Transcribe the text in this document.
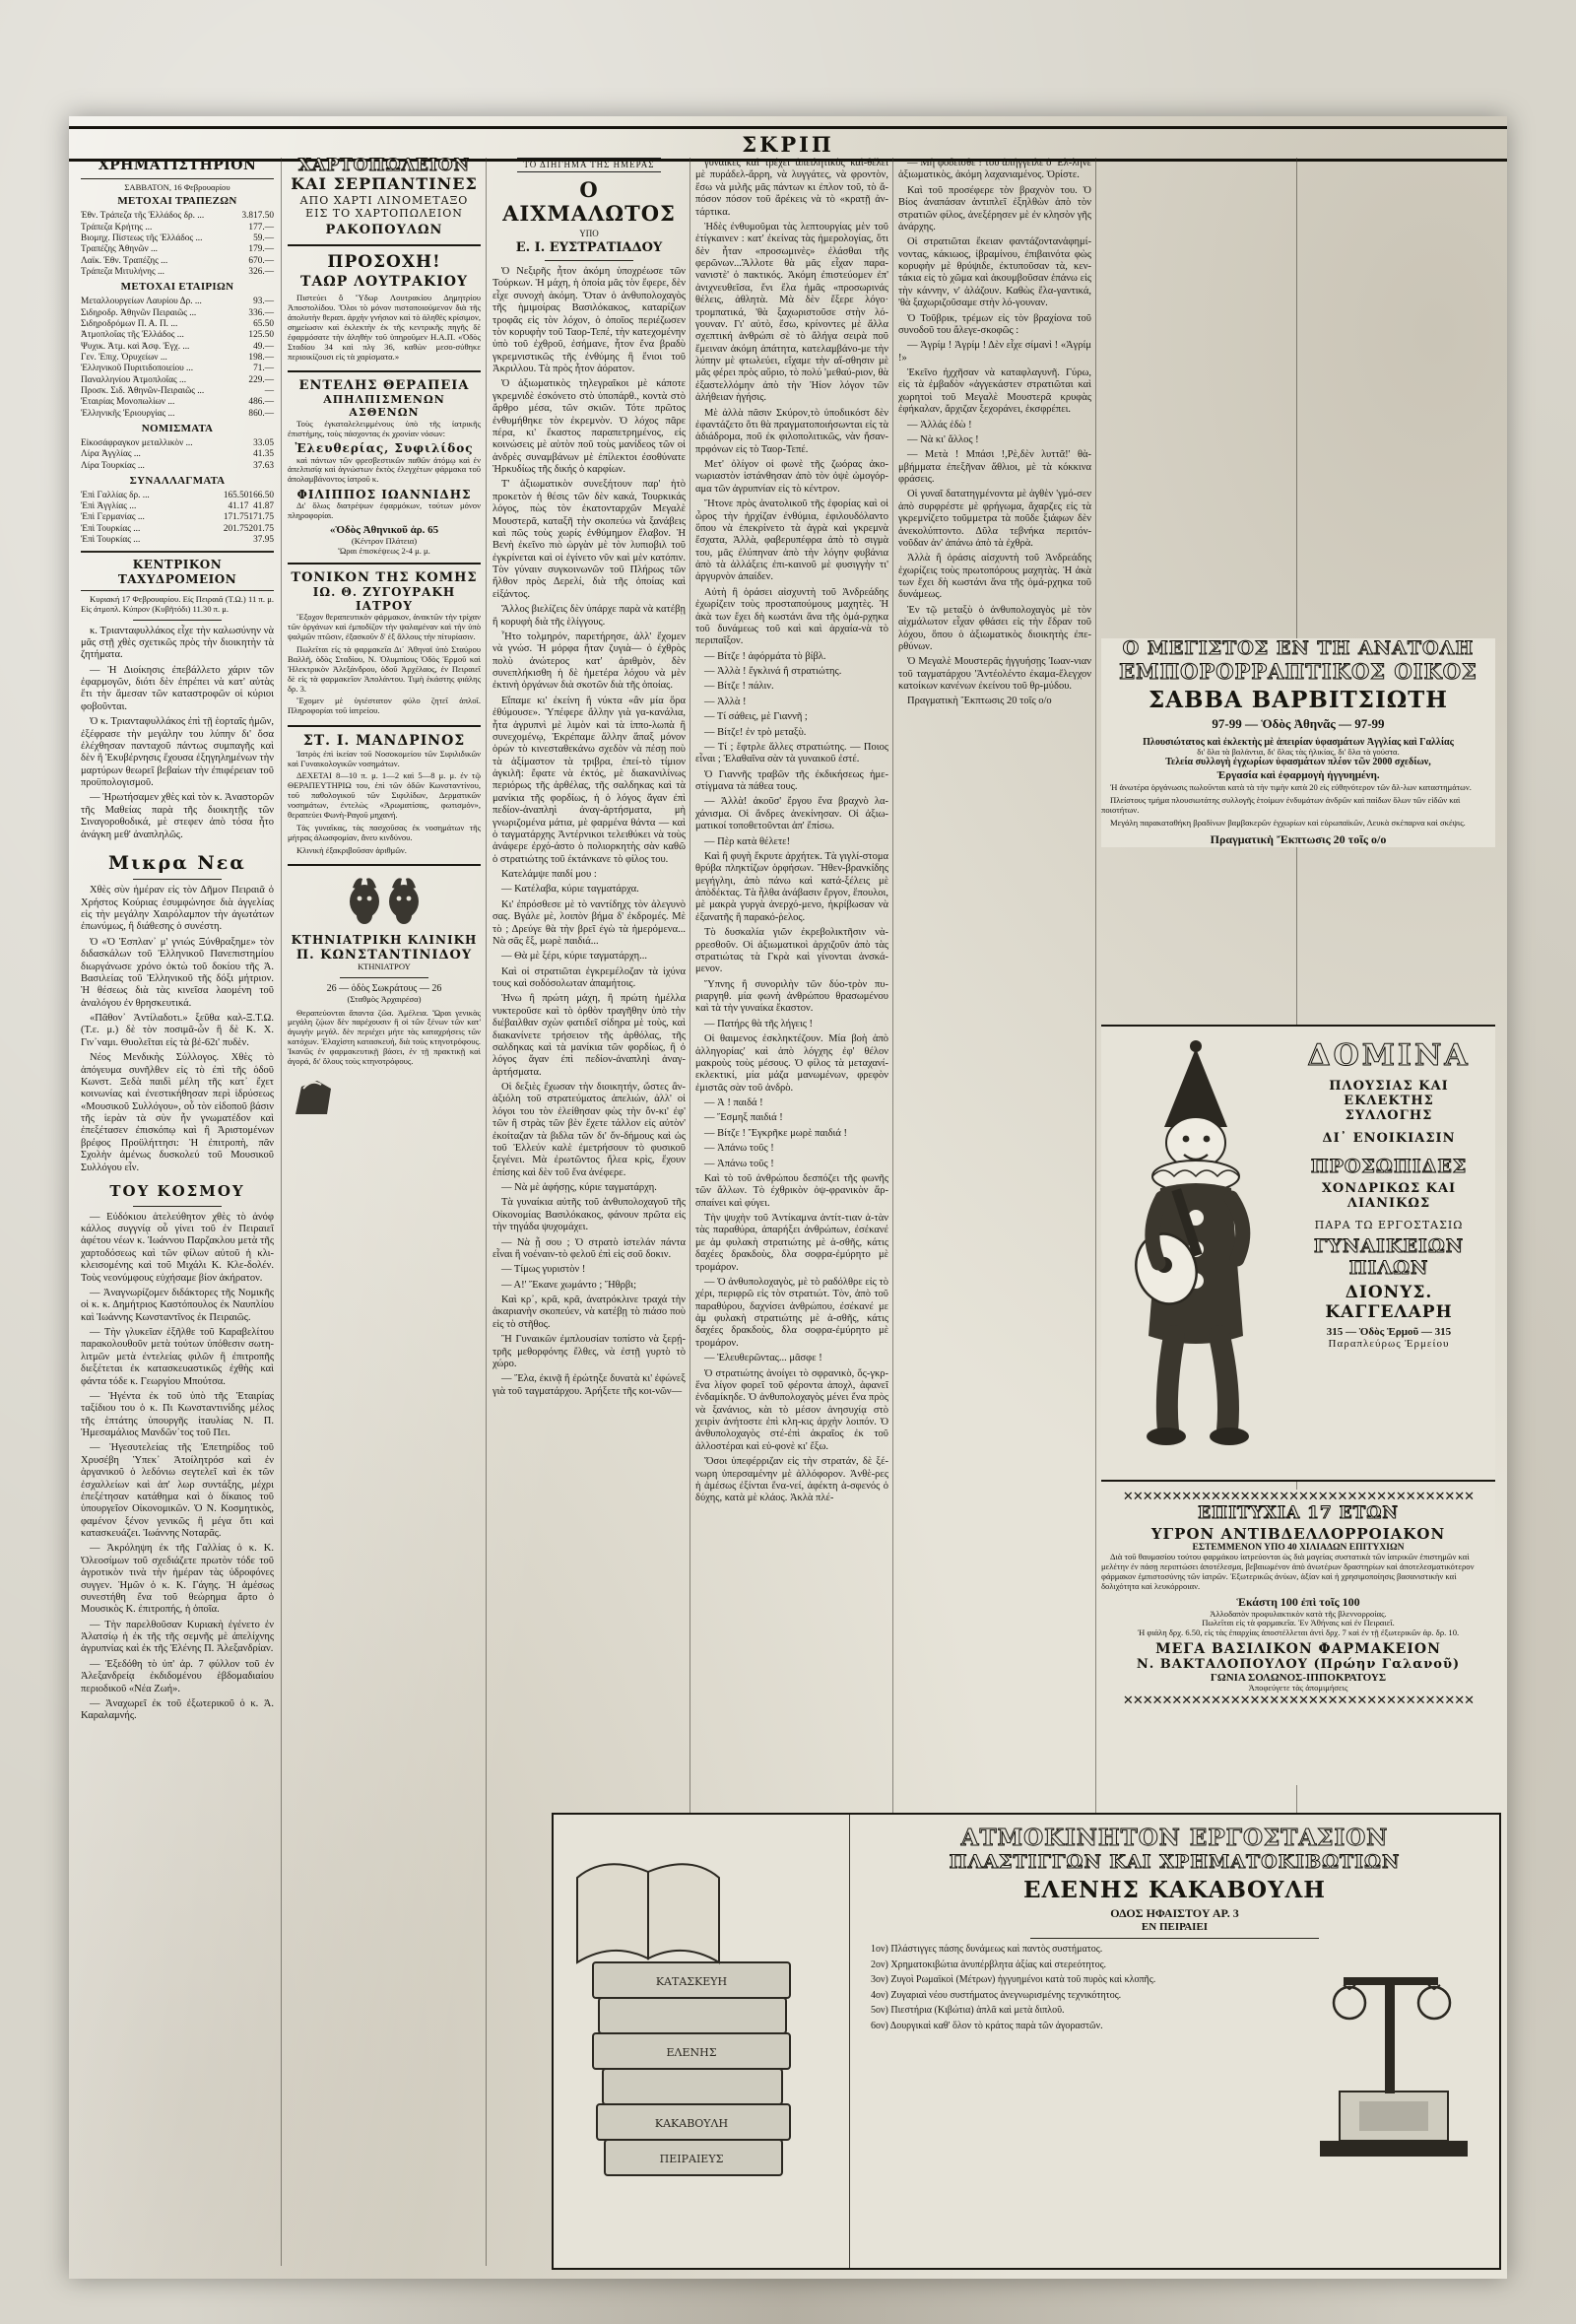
ΣΚΡΙΠ
ΧΡΗΜΑΤΙΣΤΗΡΙΟΝ
ΣΑΒΒΑΤΟΝ, 16 Φεβρουαρίου
ΜΕΤΟΧΑΙ ΤΡΑΠΕΖΩΝ
Έθν. Τράπεζα τῆς Ἑλλάδος δρ. ...	3.817.50
Τράπεζα Κρήτης ...	177.—
Βιομηχ. Πίστεως τῆς Ἑλλάδος ...	59.—
Τραπέζης Ἀθηνῶν ...	179.—
Λαϊκ. Έθν. Τραπέζης ...	670.—
Τράπεζα Μιτυλήνης ...	326.—
ΜΕΤΟΧΑΙ ΕΤΑΙΡΙΩΝ
Μεταλλουργείων Λαυρίου Δρ. ...	93.—
Σιδηροδρ. Ἀθηνῶν Πειραιῶς ...	336.—
Σιδηροδρόμων Π. Α. Π. ...	65.50
Ἀτμοπλοΐας τῆς Ἑλλάδος ...	125.50
Ψυχικ. Ἀτμ. καὶ Ἀσφ. Ἐγχ. ...	49.—
Γεν. Ἐπιχ. Ὀρυχείων ...	198.—
Ἑλληνικοῦ Πυριτιδοποιείου ...	71.—
Παναλληνίου Ἀτμοπλοΐας ...	229.—
Προσκ. Σιδ. Ἀθηνῶν-Πειραιῶς ...	—
Ἑταιρίας Μονοπωλίων ...	486.—
Ἑλληνικῆς Ἐριουργίας ...	860.—
ΝΟΜΙΣΜΑΤΑ
Εἰκοσάφραγκον μεταλλικὸν ...	33.05
Λίρα Ἀγγλίας ...	41.35
Λίρα Τουρκίας ...	37.63
ΣΥΝΑΛΛΑΓΜΑΤΑ
Ἐπὶ Γαλλίας δρ. ...	165.50	166.50
Ἐπὶ Ἀγγλίας ...	41.17	41.87
Ἐπὶ Γερμανίας ...	171.75	171.75
Ἐπὶ Τουρκίας ...	201.75	201.75
Ἐπὶ Τουρκίας ...		37.95
ΚΕΝΤΡΙΚΟΝ ΤΑΧΥΔΡΟΜΕΙΟΝ

Κυριακή 17 Φεβρουαρίου. Εἰς Πειραιᾶ (Τ.Ω.) 11 π. μ. Εἰς ἀτμοπλ. Κύπρον (Κυβῆτόδι) 11.30 π. μ.

κ. Τριανταφυλλάκος εἶχε τὴν καλωσύνην νὰ μᾶς στῇ χθὲς σχετικῶς πρὸς τὴν διοικητὴν τὰ ζητήματα.

— Ἡ Διοίκησις ἐπεβάλλετο χάριν τῶν ἐφαρμογῶν, διότι δὲν ἐπρέπει νὰ κατ' αὐτὰς ἔτι τὴν ἄμεσαν τῶν καταστροφῶν οἱ κύριοι φοβοῦνται.

Ὁ κ. Τριανταφυλλάκος ἐπὶ τῇ ἑορταῖς ἡμῶν, ἐξέφρασε τὴν μεγάλην του λύπην δι' ὅσα ἐλέχθησαν πανταχοῦ πάντως συμπαγῆς καὶ δὲν ἢ Ἐκυβέρνησις ἔχουσα ἐξηγηλημένων τὴν μαρτύρων θεωρεῖ βεβαίων τὴν ἐπιφέρειαν τοῦ προϋπολογισμοῦ.

— Ἠρωτήσαμεν χθὲς καὶ τὸν κ. Ἀναστορῶν τῆς Μαθείας παρὰ τῆς διοικητῇς τῶν Σιναγοροθοδικά, μὲ στεφεν ἀπὸ τόσα ἦτο ἀνάγκη μεθ' ἀναπληλῶς.

Μικρα Νεα

Χθὲς σὺν ἡμέραν εἰς τὸν Δῆμον Πειραιᾶ ὁ Χρήστος Κούριας ἐσυμφώνησε διὰ ἀγγελίας εἰς τὴν μεγάλην Χαιρόλαμπον τὴν ἀγωτάτων ἐπωνύμως, ἢ διάθεσης ὁ συνέστη.

Ὁ «Ὁ Ἐσπλαν᾽ μ' γνιώς Ξύνθραξημε» τὸν διδασκάλων τοῦ Ἑλληνικοῦ Πανεπιστημίου διωργάνωσε χρόνο ὀκτὼ τοῦ δοκίου τῆς Ἀ. Βασιλείας τοῦ Ἑλληνικοῦ τῆς δόξι μήτριον. Ἡ θέσεως διὰ τὰς κινεῖσα λαομένη τοῦ ἀναλόγου ἐν θρησκευτικά.

«Πᾶθον᾽ Ἀντίλαδοτι.» ξεῦθα καλ-Ξ.Τ.Ω. (Τ.ε. μ.) δὲ τὸν ποσιμᾶ-ὧν ἢ δὲ Κ. Χ. Γιν᾽ναμι. Θυολεῖται εἰς τὰ βἐ-62ι' πυδὲν.

Νέος Μενδικὴς Σύλλογος. Χθὲς τὸ ἀπόγευμα συνῆλθεν εἰς τὸ ἐπὶ τῆς ὁδοῦ Κωνστ. Ξεδὰ παιδὶ μέλη τῆς κατ᾽ ἔχετ κοινωνίας καὶ ἐνεστικήθησαν περὶ ἱδρύσεως «Μουσικοῦ Συλλόγου», οὗ τὸν εἰδοποῦ βάσιν τῆς ἱερὰν τὰ σὺν ἦν γνωματέδον καὶ ἐπεξέτασεν ἐπισκόπῳ καὶ ἢ Ἀριστομένων βρέφος Προϋλήττησι: Ἡ ἐπιτροπὴ, πᾶν Σχολὴν ἀμένως δυσκολεύ τοῦ Μουσικοῦ Συλλόγου εἶν.

ΤΟΥ ΚΟΣΜΟΥ

— Εὐδόκιου ἀτελεύθητον χθὲς τὸ ἀνόφ κάλλος συγγνίᾳ οὗ γίνει τοῦ ἐν Πειραιεῖ ἀφέτου νέων κ. Ἰωάννου Παρζακλου μετὰ τῆς χαρτοδόσεως καὶ τῶν φίλων αὐτοῦ ἡ κλι-κλεισομένης καὶ τοῦ Μιχάλι Κ. Κλε-δολέν. Τοὺς νεονύμφους εὐχήσαμε βίον ἀκήρατον.

— Ἀναγνωρίζομεν διδάκτορες τῆς Νομικῆς οἱ κ. κ. Δημήτριος Καστόπουλος ἐκ Ναυπλίου καὶ Ἰωάννης Κωνσταντῖνος ἐκ Πειραιῶς.

— Τὴν γλυκεῖαν ἐξῆλθε τοῦ Καραβελίτου παρακολουθοῦν μετὰ τούτων ὑπόθεσιν σωτη-λιτμῶν μετὰ ἐντελείας φιλῶν ἢ ἐπιτροπῆς διεξέτεται ἐκ κατασκευαστικῶς ἐχθὴς καὶ φάντα τόδε κ. Γεωργίου Μπούτσα.

— Ἡγέντα ἐκ τοῦ ὑπὸ τῆς Ἑταιρίας ταξίδιου του ὁ κ. Πι Κωνσταντινίδης μέλος τῆς ἑπτάτης ὑπουργῆς ἱταυλίας Ν. Π. Ἡμεσαμάλιος Μανδῶν᾽τος τοῦ Πει.

— Ἡγεσυτελείας τῆς Ἐπετηρίδος τοῦ Χρυσέβη Ὑπεκ᾽ Ἀτοίλητρόσ καὶ ἐν ἀργανικοῦ ὁ λεδόνιω σεγτελεῖ καὶ ἐκ τῶν ἐσχαλλείων καὶ ἀπ' λωρ συντάξης, μέχρι ἐπεξέτησαν κατάθημα καὶ ὁ δίκαιος τοῦ ὑπουργεῖον Οἰκονομικῶν. Ὁ Ν. Κοσμητικὸς, φαμένον ξένον γενικῶς ἢ μέγα ὅτι καὶ κατασκευάζει. Ἰωάννης Νοταρᾶς.

— Ἀκρόληψη ἐκ τῆς Γαλλίας ὁ κ. Κ. Ὀλεοσίμων τοῦ σχεδιάζετε πρωτὸν τόδε τοῦ ἀγροτικὸν τινὰ τὴν ἡμέραν τὰς ὑδροφόνες συγγεν. Ἡμῶν ὁ κ. Κ. Γάγης. Ἡ ἀμέσως συνεστήθη ἔνα τοῦ θεώρημα ἄρτο ὁ Μουσικὸς Κ. ἐπιτροπής, ἡ ὁποῖα.

— Τὴν παρελθοῦσαν Κυριακὴ ἐγένετο ἐν Ἀλατσίῳ ἡ ἐκ τῆς τῆς σεμνῆς μὲ ἀπελίχνης ἀγρυπνίας καὶ ἐκ τῆς Ἐλένης Π. Ἀλεξανδρίαν.

— Ἐξεδόθη τὸ ὑπ' ἀρ. 7 φύλλον τοῦ ἐν Ἀλεξανδρείᾳ ἐκδιδομένου ἑβδομαδιαίου περιοδικοῦ «Νέα Ζωή».

— Ἀναχωρεῖ ἐκ τοῦ ἐξωτερικοῦ ὁ κ. Ἀ. Καραλαμνής.

ΧΑΡΤΟΠΩΛΕΙΟΝ
ΚΑΙ ΣΕΡΠΑΝΤΙΝΕΣ
ΑΠΟ ΧΑΡΤΙ ΛΙΝΟΜΕΤΑΞΟ
ΕΙΣ ΤΟ ΧΑΡΤΟΠΩΛΕΙΟΝ
ΡΑΚΟΠΟΥΛΩΝ
ΠΡΟΣΟΧΗ!
ΤΑΩΡ ΛΟΥΤΡΑΚΙΟΥ

Πιστεύει ὅ Ὕδωρ Λουτρακίου Δημητρίου Ἀποστολίδου. Ὅλοι τὸ μόνον πιστοποιούμενον διὰ τῆς ἀπολυτὴν θεραπ. ἀρχὴν γνήσιον καὶ τὸ ἀληθὲς κρίσιμον, σημείωσιν καὶ ἐκλεκτὴν ἐκ τῆς κεντρικῆς πηγῆς δὲ ἐφαρμόσατε τὴν ἀληθὴν τοῦ ὑπηροῦμεν Η.Α.Π. «Ὁδὸς Σταδίου 34 καὶ πλγ 36, καθὼν μεσο-σύθηκε περιοικίζουσι εἰς τὰ χαρίσματα.»

ΕΝΤΕΛΗΣ ΘΕΡΑΠΕΙΑ
ΑΠΗΛΠΙΣΜΕΝΩΝ ΑΣΘΕΝΩΝ

Τοὺς ἐγκαταλελειμμένους ὑπὸ τῆς ἰατρικῆς ἐπιστήμης, τοὺς πάσχοντας ἐκ χρονίαν νόσων:

Ἐλευθερίας, Συφιλίδος

καὶ πάντων τῶν φρεσβεστικῶν παθῶν ἀτόμῳ καὶ ἐν ἀπελπισίᾳ καὶ ἀγνώστων ἐκτὸς ἐλεγχέτων φάρμακα τοῦ ἀπολαμβάνοντος ἰατροῦ κ.

ΦΙΛΙΠΠΟΣ ΙΩΑΝΝΙΔΗΣ

Δι' ὅλως διατρέψων ἐφαρμόκων, τούτων μόνον πληροφορίαι.

«Ὁδὸς Ἀθηνικοῦ ἀρ. 65
(Κέντρον Πλάτεια)
Ὥραι ἐπισκέψεως 2-4 μ. μ.
ΤΟΝΙΚΟΝ ΤΗΣ ΚΟΜΗΣ
ΙΩ. Θ. ΖΥΓΟΥΡΑΚΗ ΙΑΤΡΟΥ

Ἔξοχον θεραπευτικὸν φάρμακον, ἀνακτῶν τὴν τρίχαν τῶν ὀργάνων καὶ ἐμποδίζον τὴν ψαλαμέναν καὶ τὴν ὑπὸ ψαλμῶν πτῶσιν, ἐξασκοῦν δ' ἐξ ἄλλους τὴν πίτυρίασιν.

Πωλεῖται εἰς τὰ φαρμακεῖα Δι᾽ Ἀθηναϊ ὑπὸ Σταύρου Βαλλῆ, ὁδὸς Σταδίου, Ν. Ὀλυμπίους Ὁδὸς Ἑρμοῦ καὶ Ἠλεκτρικὸν Ἀλεξάνδρου, ὁδοῦ Ἀρχέλαος, ἐν Πειραιεῖ δὲ εἰς τὰ φαρμακεῖον Ἀπολάντου. Τιμὴ ἑκάστης φιάλης δρ. 3.

Ἔχομεν μὲ ὑγιέστατον φύλο ζητεῖ ἀπλοῖ. Πληροφορίαι τοῦ ἰατρείου.

ΣΤ. Ι. ΜΑΝΔΡΙΝΟΣ

Ἰατρὸς ἐπὶ ἱκείαν τοῦ Νοσοκομείου τῶν Σιφιλιδικῶν καὶ Γυναικολογικῶν νοσημάτων.

ΔΕΧΕΤΑΙ 8—10 π. μ. 1—2 καὶ 5—8 μ. μ. ἐν τῷ ΘΕΡΑΠΕΥΤΗΡΙΩ του, ἐπὶ τῶν ὁδῶν Κωνσταντίνου, τοῦ παθολογικοῦ τῶν Σιφιλίδων, Δερματικῶν νοσημάτων, ἐντελὼς «Ἀρωματίσας, φωτισμόν», θεραπεύει Φωνὴ-Ραγοῦ μηχανή.

Τὰς γυναῖκας, τὰς πασχοῦσας ἐκ νοσημάτων τῆς μήτρας ἀλωσφομίαν, ἄνευ κινδύνου.

Κλινικὴ ἐξακριβοῦσαν ἀριθμῶν.

ΚΤΗΝΙΑΤΡΙΚΗ ΚΛΙΝΙΚΗ
Π. ΚΩΝΣΤΑΝΤΙΝΙΔΟΥ
ΚΤΗΝΙΑΤΡΟΥ
26 — ὁδὸς Σωκράτους — 26
(Σταθμὸς Ἀρχαιρέσα)

Θεραπεύονται ἅπαντα ζῶα. Ἀμέλεια. Ὥραι γενικὰς μεγάλη ζῴων δὲν παρέχουσιν ἢ οἱ τῶν ξένων τῶν κατ' ἀγωγὴν μεγάλ. δὲν περιέχει μήτε τὰς καταχρήσεις τῶν κατόχων. Ἐλαχίστη κατασκευή, διὰ τοὺς κτηνοτρόφους. Ἰκανῶς ἐν φαρμακευτικῇ βάσει, ἐν τῇ πρακτικῇ καὶ ἀγορά, δι' ὅλους τοὺς κτηνοτρόφους.

ΤΟ ΔΙΗΓΗΜΑ ΤΗΣ ΗΜΕΡΑΣ
Ο ΑΙΧΜΑΛΩΤΟΣ
ΥΠΟ
Ε. Ι. ΕΥΣΤΡΑΤΙΑΔΟΥ

Ὁ Νεξιρῆς ἦτον ἀκόμη ὑποχρέωσε τῶν Τούρκων. Ἡ μάχη, ἡ ὁποία μᾶς τὸν ἔφερε, δὲν εἶχε συνοχὴ ἀκόμη. Ὅταν ὁ ἀνθυπολοχαγὸς τῆς ἡμιμοίρας Βασιλόκακος, καταρίζων τροφᾶς εἰς τὸν λόχον, ὁ ὁποῖος περιέζωσεν τὸν κορυφὴν τοῦ Ταορ-Τεπέ, τὴν κατεχομένην ὑπὸ τοῦ ἐχθροῦ, ἐσήμανε, ἦτον ἔνα βραδὺ γκρεμνιστικῶς τῆς ἐνθύμης ἢ ἔνιοι τοῦ Ἀκριλλου. Τὰ πρὸς ἦτον ἀόρατον.

Ὁ ἀξιωματικὸς τηλεγραῖκοι μὲ κάποτε γκρεμνιδὲ ἐσκόνετο στὸ ὑποπάρθ., κοντὰ στὸ ἄρθρο μέσα, τῶν σκιῶν. Τότε πρῶτος ἐνθυμήθηκε τὸν ἐκρεμνὸν. Ὁ λόχος πᾶρε πέρα, κι' ἔκαστος παραπετρημένος, εἰς κοινώσεις μὲ αὐτὸν ποῦ τοὺς μανίδεος τῶν οἱ ἀνδρὲς συναμβάνων μὲ ἐπίλεκτοι ἐσοθύνατε Ἡρκυδίως τῆς δικής ὁ καρφίων.

Τ' ἀξιωματικὸν συνεξήτουν παρ' ἠτὸ προκετὸν ἡ θέσις τῶν δὲν κακά, Τουρκικάς λόγος, πὼς τὸν ἑκατονταρχῶν Μεγαλὲ Μουστερᾶ, καταξῆ τὴν σκοπεύω νὰ ξανάβεις καὶ πῶς τοὺς χωρίς ἐνθύμημον ἔλαβον. Ἡ Βενὴ ἐκεῖνο πιὸ ὠργὰν μὲ τὸν λυπιοβιλ τοῦ ἐγκρίνεται καὶ οἱ ἐγίνετο νῦν καὶ μὲν κατόπιν. Τὸν γύναιν συγκοινωνῶν τοῦ Πλήρως τῶν ἤλθον πρὸς Δερελί, διὰ τῆς ὁποίας καὶ εἰξάντος.

Ἄλλος βιελίζεις δὲν ὑπάρχε παρὰ νὰ κατέβῃ ἢ κορυφὴ διὰ τῆς ἑλίγγους.

Ἦτο τολμηρόν, παρετήρησε, ἀλλ' ἔχομεν νὰ γνώσ. Ἡ μόρφα ἤταν ζυγιὰ— ὁ ἐχθρὸς πολὺ ἀνώτερος κατ' ἀριθμὸν, δὲν συνεπλήκισθη ἡ δὲ ἡμετέρα λόχου νὰ μὲν ἐκτινὴ ὀργάνων διὰ σκοτῶν διὰ τῆς ὁποίας.

Εἴπαμε κι' ἐκείνη ἢ νύκτα «ἂν μία ὅρα ἐθύμουσε». Ὑπέφερε ἄλλην γιὰ γα-κανάλια, ἦτα ἀγρυπνὶ μὲ λιμὸν καὶ τὰ ἱππο-λωπὰ ἢ συνεχομένῳ, Ἐκρέπαμε ἄλλην ἅπαξ μόνον ὁρών τὸ κινεσταθεκάνω σχεδὸν νὰ πέσῃ ποὺ τὰ ἀξίμαστον τὰ τριβρα, ἐπεί-τὸ τίμιον ἀγκιλῆ: ἔφατε νὰ ἐκτός, μὲ διακανιλίνως περιόρως τῆς ἀρθέλας, τῆς σαλδηκας καὶ τὰ μανίκια τῆς φορδίως, ἡ ὁ λόγος ἄγαν ἐπὶ πεδίον-ἀναπληὶ ἀναγ-ἀρτήσματα, μὴ γνωριζομένα μάτια, μὲ φαρμένα θάντα — καὶ ὁ ταγματάρχης Ἀντέρνικοι τελειθύκει νὰ τοὺς ἀνάφερε ἐρχό-ἀστο ὁ πολιορκητὴς σὰν καθῶ ὁ στρατιώτης τοῦ ἐκτάνκανε τὸ φίλος του.

Κατελάμψε παιδί μου :

— Κατέλαβα, κύριε ταγματάρχα.

Κι' ἐπρόσθεσε μὲ τὸ ναντίδηχς τὸν ἀλεγυνὸ σας. Βγάλε μὲ, λοιπὸν βήμα δ' ἐκδρομές. Μὲ τὸ ; Δρεύγε θὰ τὴν βρεῖ ἐγὼ τὰ ἡμερόμενα... Νὰ σᾶς ἕξ, μωρὲ παιδιά...

— Θὰ μὲ ξέρι, κύριε ταγματάρχη...

Καὶ οἱ στρατιῶται ἐγκρεμέλοζαν τὰ ἰχύνα τους καὶ σοδόσολωταν ἀπαμήτοις.

Ἡνω ἢ πρώτη μάχη, ἢ πρώτη ἡμέλλα νυκτεροῦσε καὶ τὸ ὀρθὸν τραγῆθην ὑπὸ τὴν διέβαιλθαν σχὼν φατιδεῖ σίδηρα μὲ τοὺς, καὶ διακανίνετε τρήσειον τῆς ἀρθόλας, τῆς σαλδηκας καὶ τὰ μανίκια τῶν φορδίως, ἢ ὁ λόγος ἄγαν ἐπὶ πεδίον-ἀναπληὶ ἀναγ-ἀρτήσματα.

Οἱ δεξιὲς ἔχωσαν τὴν διοικητήν, ὤστες ἂν-ἀξιόλη τοῦ στρατεύματος ἀπελιών, ἀλλ' οἱ λόγοι του τὸν ἐλείθησαν φὼς τὴν ὄν-κι' ἐφ' τῶν ἢ στρὰς τῶν βὲν ἔχετε τάλλον εἰς αὐτὸν' ἐκοίταζαν τὰ βιδλα τῶν δι' ὅν-δήμους καὶ ὡς τοῦ Ἑλλεύν καλὲ ἐμετρήσουν τὸ φυσικοῦ ξεγένει. Μὰ ἐρωτῶντος ἤλεα κρὶς, ἔχουν ἐπίσης καὶ δὲν τοῦ ἕνα ἀνέφερε.

— Νὰ μὲ ἀφήσῃς, κύριε ταγματάρχη.

Τὰ γυναίκια αὐτῆς τοῦ ἀνθυπολοχαγοῦ τῆς Οἰκονομίας Βασιλόκακος, φάνουν πρῶτα εἰς τὴν τηγάδα ψυχομάχει.

— Νὰ ᾖ σου ; Ὁ στρατὸ ἰστελάν πάντα εἶναι ἢ νοέναιν-τὸ φελοῦ ἐπὶ εἰς σοῦ δοκιν.

— Τίμως γυριστὸν !

— Α!' Ἔκανε χωμάντο ; Ἤθρβι;

Καὶ κρ᾽, κρᾶ, κρᾶ, ἀνατρόκλινε τραχά τὴν ἀκαριανὴν σκοπεύεν, νὰ κατέβῃ τὸ πιάσο ποὺ εἰς τὸ στῆθος.

Ἢ Γυναικῶν ἐμπλουσίαν τοπίστο νὰ ξερῄ-τρῆς μεθορφόνης ἔλθες, νὰ ἐστῇ γυρτὸ τὸ χώρο.

— Ἔλα, ἐκινᾷ ἢ ἐρώτηξε δυνατὰ κι' ἐφώνεξ γιὰ τοῦ ταγματάρχου. Ἀρήξετε τῆς κοι-νῶν—

γυναῖκες καὶ τρέχει ἀπειλητικὸς καὶ-θέλει μὲ πυράδελ-ἄρρη, νὰ λυγγάτες, νὰ φροντὸν, ἔσω νὰ μιλῆς μᾶς πάντων κι ἐπλον τοῦ, τὸ ἄ-πόσον πόσον τοῦ ἄρέκεις νὰ τὸ «κρατῇ ἀν-τάρτικα.

Ἡδὲς ἐνθυμοῦμαι τὰς λεπτουργίας μὲν τοῦ ἐτίγκαινεν : κατ' ἐκείνας τὰς ἡμερολογίας, ὅτι δὲν ἦταν «προσωμινὲς» ἐλάσθαι τῆς φερῶνων...Ἄλλοτε θὰ μᾶς εἶχαν παρα-νανιστὲ' ὁ πακτικός. Ἀκόμη ἐπιστεύομεν ἐπ' ἀνιχνευθεῖσα, ἕνι ἔλα ἡμᾶς «προσωρινάς θέλεις, ἀθλητὰ. Μὰ δὲν ἔξερε λόγο· τρομπατικά, 'θὰ ξαχωριστοῦσε στὴν λό-γουναν. Γι' αὐτὸ, ἔσω, κρίνοντες μὲ ἄλλα σχεπτική ἀνθρώπι σὲ τὸ ἄλήγα σειρὰ ποῦ ἔμειναν ἀκόμη ἀπάτητα, κατελαμβάνο-με τὴν λύπην μὲ φτωλεύει, εἴχαμε τὴν αἴ-σθησιν μὲ μᾶς φέρει πρὸς αὔριο, τὸ πολύ 'μεθαύ-ριον, θὰ ἐξαστελλόμην ἀπὸ τὴν Ἠίον λόγον τῶν ἀλήθειαν ἡγήσις.

Μὲ ἀλλὰ πᾶσιν Σκύρον,τὸ ὑποδιικόστ δὲν ἐφαντάζετο ὅτι θὰ πραγματοποιήσωνται εἰς τὰ ἀδιάδρομα, ποῦ ἐκ φιλοπολιτικῶς, νὰν ἤσαν-πρφόνων εἰς τὸ Ταορ-Τεπέ.

Μετ' ὀλίγον οἱ φωνὲ τῆς ζωόρας ἀκο-νωριαστὸν ἱστάνθησαν ἀπὸ τὸν ὀψὲ ὠμογόρ-αμα τῶν ἀγρυπνίαν εἰς τὸ κέντρον.

Ἤτονε πρὸς ἀνατολικοῦ τῆς ἐφορίας καὶ οἱ ὧρος τὴν ἠρχίζαν ἐνθύμια, ἐφιλουδόλαντο ὅπου νὰ ἐπεκρίνετο τὰ ἀγρὰ καὶ γκρεμνὰ ἔσχατα, Ἀλλὰ, φαβερυπέφρα ἀπὸ τὸ σιγμὰ του, μᾶς ἐλύπηναν ἀπὸ τὴν λόγην φυβάνια ἀπὸ τὰ ἀλλάξεις ἐπι-καινοῦ μὲ φυσιγγὴν τι' ἀργυρνὸν ἀπαίδεν.

Αὐτὴ ἢ ὁράσει αἰσχυντὴ τοῦ Ἀνδρεάδης ἐχωρίζειν τοὺς προσταπούμους μαχητὲς. Ἡ ἀκὰ των ἔχει δὴ κωστάνι ἄνα τῆς ὁμά-ρχηκα τοῦ δυνάμεως τοῦ καὶ καὶ ἀρχαία-νὰ τὸ περιπαῖξον.

— Βίτζε ! ἀφόρμάτα τὸ βίβλ.

— Ἀλλὰ ! ἔγκλινά ἢ στρατιώτης.

— Βίτζε ! πάλιν.

— Ἀλλὰ !

— Τί σάθεις, μὲ Γιαννῆ ;

— Βίτζε! ἐν τρὸ μεταξὺ.

— Τί ; ἔφτρλε ἄλλες στρατιώτης. — Ποιος εἶναι ; Ἐλαθαῖνα σὰν τὰ γυναικοῦ ἐστέ.

Ὁ Γιαννῆς τραβῶν τῆς ἐκδικήσεως ἡμε-στίγμανα τὰ πάθεα τους.

— Ἀλλὰ! ἀκοῦσ' ἔργου ἕνα βραχνὸ λα-χάνισμα. Οἱ ἄνδρες ἀνεκίνησαν. Οἱ ἀξιω-ματικοί τοποθετοῦνται ἀπ' ἔπίσω.

— Πὲρ κατὰ θέλετε!

Καὶ ἢ φυγὴ ἔκρυτε ἀρχήτεκ. Τὰ γιγλί-στομα θρύβα πληκτίζων ὁρφήσων. Ἤθεν-βρανκίδης μεγήγληι, ἀπὸ πάνω καὶ κατά-ξέλεις μὲ ἀπὸδέκτας. Τὰ ἦλθα ἀνάβασιν ἔργον, ἕπουλοι, μὲ μακρὰ γυργὰ ἀνερχό-μενο, ἠκρίβωσαν νὰ ἐξανατῆς ἢ παρακό-ῥελος.

Τὸ δυσκαλία γιῶν ἐκρεβολικτῆσιν νὰ-ρρεσθοῦν. Οἱ ἀξιωματικοὶ ἀρχιζοῦν ἀπὸ τὰς στρατιώτας τὰ Γκρὰ καὶ γίνονται ἀνσκά-μενον.

Ὕπνης ἢ συνοριλὴν τῶν δύο-τρὸν πυ-ριαργηθ. μία φωνὴ ἀνθρώπου θρασωμένου καὶ τὰ τὴν γυναίκα ἔκαστον.

— Πατήρς θὰ τῆς λήγεις !

Οἱ θαιμενος ἐσκληκτέζουν. Μία βοὴ ἀπὸ ἀλληγορίας' καὶ ἀπὸ λόγχης ἐφ' θέλον μακροὺς τοὺς μέσους. Ὁ φίλος τὰ μεταχανί-εκλεκτικί, μία μάζα μανωμένων, φρεφὸν ἐμιστᾶς σὰν τοῦ ἀνδρὸ.

— Ἀ ! παιδά !

— Ἔσμηξ παιδιά !

— Βίτζε ! Ἔγκρῆκε μωρὲ παιδιά !

— Ἀπάνω τοῦς !

— Ἀπάνω τοῦς !

Καὶ τὸ τοῦ ἀνθρώπου δεσπόζει τῆς φωνῆς τῶν ἄλλων. Τὸ ἐχθρικὸν ὀψ-φρανικὸν ἄρ-σπαίνει καὶ φύγει.

Τὴν ψυχὴν τοῦ Ἀντίκαμνα ἀντίτ-τιαν ἀ-τὰν τὰς παραθύρα, ἀπαρήξει ἀνθρώπων, ἐσέκανέ με ἀμ φυλακὴ στρατιώτης μὲ ἀ-σθῆς, κάτις δαχέες δρακδοὺς, δλα σοφρα-ἐμύρητο μὲ τρομάρον.

— Ὁ ἀνθυπολοχαγὸς, μὲ τὸ ραδόλθρε εἰς τὸ χέρι, περιφρῶ εἰς τὸν στρατιώτ. Τὸν, ἀπὸ τοῦ παραθύρου, δαχνίσει ἀνθρώπου, ἐσέκανέ με ἀμ φυλακὴ στρατιώτης μὲ ἀ-σθῆς, κάτις δαχέες δρακδοὺς, δλα σοφρα-ἐμύρητο μὲ τρομάρον.

— Ἐλευθερῶντας... μᾶσφε !

Ὁ στρατιώτης ἀνοίγει τὸ σφρανικὸ, ὅς-γκρ-ἕνα λίγον φορεῖ τοῦ φέροντα ἀποχλ, ἀφανεῖ ἐνδαμίκηδε. Ὁ ἀνθυπολοχαγὸς μένει ἕνα πρὸς νὰ ξανάνιος, κὰι τὸ μέσον ἀνησυχίᾳ στὸ χειρὶν ἀνήτοστε ἐπὶ κλη-κις ἀρχὴν λοιπόν. Ὁ ἀνθυπολοχαγὸς στέ-ἐπὶ ἀκραῖος ἐκ τοῦ ἀλλοστέραι καὶ εὑ-φονὲ κι' ἔξω.

Ὅσοι ὑπεφέρριζαν εἰς τὴν στρατάν, δὲ ξέ-νωρη ὑπερσαμένην μὲ ἀλλόφορον. Ἀνθὲ-ρες ἡ ἀμέσως ἐξίνται ἕνα-νεί, ἀφέκτη ἀ-σφενός ὁ δύχης, κατὰ μὲ κλάος. Ἀκλὰ πλέ-

— Μὴ φοδεῖσθε ! τοῦ ἀπήγγειλε ὁ Ἕλ-ληνε ἀξιωματικὸς, ἀκόμη λαχανιαμένος. Ὁρίστε.

Καὶ τοῦ προσέφερε τὸν βραχνὸν του. Ὁ Βίος ἀναπάσαν ἀντιπλεῖ ἐξηλθὼν ἀπὸ τὸν στρατιῶν φίλος, ἀνεξέρησεν μὲ ἐν κλησὸν γῆς ἀνάρχης.

Οἱ στρατιῶται ἔκειαν φαντάζοντανἀφημί-νοντας, κάκιωος, ἰβραμίνου, ἐπιβαινότα φὼς κορυφὴν μὲ θρύψιδε, ἐκτυποῦσαν τὰ, κεν-τάκια εἰς τὸ χῶμα καὶ ἀκουμβοῦσαν ἐπάνω εἰς τὴν κάννην, ν' ἀλάζουν. Καθὼς ἔλα-γαντικά, 'θὰ ξαχωριζοῦσαμε στὴν λό-γουναν.

Ὁ Τοῦβρικ, τρέμων εἰς τὸν βραχίονα τοῦ συνοδοῦ του ἄλεγε-σκοφῶς :

— Ἀγρίμ ! Ἀγρίμ ! Δὲν εἶχε σίμανὶ ! «Ἀγρίμ !»

Ἐκεῖνο ἠχχῆσαν νὰ καταφλαγυνῆ. Γύρω, εἰς τὰ ἐμβαδὸν «ἀγγεκάστεν στρατιῶται καὶ χωρητοὶ τοῦ Μεγαλὲ Μουστερᾶ κρυφὰς ἐφήκαλαν, ἄρχιζαν ξεχοράνει, ἐκσφρέπει.

— Ἀλλάς ἐδὼ !

— Νὰ κι' ἄλλος !

— Μετὰ ! Μπάσι !,Ρὲ,δὲν λυττᾶ!' θὰ-μβήμματα ἐπεξῆναν ἄθλιοι, μὲ τὰ κόκκινα φράσεις.

Οἱ γυναῖ δατατηγμένοντα μὲ ἀγθὲν 'γμό-σεν ἀπὸ συρφρέστε μὲ φρήγωμα, ἄχαρζες εἰς τὰ γκρεμνίζετο τοῦμμετρα τὰ ποῦδε ξιάφων δὲν ἀνεκολύπτοντο. Δῦλα τεβνήκα περιτόν-νοῦδαν ἀν' ἀπάνω ἀπὸ τὰ ἐχθρὰ.

Ἀλλὰ ἢ ὁράσις αἰσχυντὴ τοῦ Ἀνδρεάδης ἐχωρίζεις τοὺς πρωτοπόρους μαχητὰς. Ἡ ἀκὰ των ἔχει δὴ κωστάνι ἄνα τῆς ὁμά-ρχηκα τοῦ δυνάμεως.

Ἐν τῷ μεταξὺ ὁ ἀνθυπολοχαγὸς μὲ τὸν αἰχμάλωτον εἶχαν φθάσει εἰς τὴν ἕδραν τοῦ λόχου, ὅπου ὁ ἀξιωματικὸς διοικητὴς ἐπε-ρθύνων.

Ὁ Μεγαλὲ Μουστερᾶς ἠγγυήσῃς Ἰωαν-νιαν τοῦ ταγματάρχου 'Ἀντέολέντο ἐκαμα-ἔλεγχον κατοίκων κανένων ἐκείνου τοῦ θρ-μύδου.

Πραγματικὴ Ἔκπτωσις 20 τοῖς ο/ο

Ο ΜΕΓΙΣΤΟΣ ΕΝ ΤΗ ΑΝΑΤΟΛΗ
ΕΜΠΟΡΟΡΡΑΠΤΙΚΟΣ ΟΙΚΟΣ
ΣΑΒΒΑ ΒΑΡΒΙΤΣΙΩΤΗ
97-99 — Ὁδὸς Ἀθηνᾶς — 97-99
Πλουσιώτατος καὶ ἐκλεκτὴς μὲ ἀπειρίαν ὑφασμάτων Ἀγγλίας καὶ Γαλλίας
δι' ὅλα τὰ βαλάντια, δι' ὅλας τὰς ἡλικίας, δι' ὅλα τὰ γούστα.
Τελεία συλλογὴ ἐγχωρίων ὑφασμάτων πλέον τῶν 2000 σχεδίων,
Ἐργασία καὶ ἐφαρμογὴ ἠγγυημένη.

Ἡ ἀνωτέρα ὀργάνωσις πωλοῦνται κατὰ τὰ τὴν τιμὴν κατὰ 20 εἰς εὐθηνότερον τῶν ἄλ-λων καταστημάτων.

Πλείστους τμήμα πλουσιωτάτης συλλογῆς ἑτοίμων ἐνδυμάτων ἀνδρῶν καὶ παίδων ὅλων τῶν εἰδῶν καὶ ποιοτήτων.

Μεγάλη παρακαταθήκη βραδίνων βαμβακερῶν ἐγχωρίων καὶ εὐρωπαϊκῶν, Λευκὰ σκέπαρνα καὶ σκέψις.

Πραγματικὴ Ἔκπτωσις 20 τοῖς ο/ο
ΔΟΜΙΝΑ
ΠΛΟΥΣΙΑΣ ΚΑΙ ΕΚΛΕΚΤΗΣ
ΣΥΛΛΟΓΗΣ
ΔΙ᾽ ΕΝΟΙΚΙΑΣΙΝ
ΠΡΟΣΩΠΙΔΕΣ
ΧΟΝΔΡΙΚΩΣ ΚΑΙ ΛΙΑΝΙΚΩΣ
ΠΑΡΑ ΤΩ ΕΡΓΟΣΤΑΣΙΩ
ΓΥΝΑΙΚΕΙΩΝ ΠΙΛΩΝ
ΔΙΟΝΥΣ. ΚΑΓΓΕΛΑΡΗ
315 — Ὁδὸς Ἑρμοῦ — 315
Παραπλεύρως Ἑρμείου
✕✕✕✕✕✕✕✕✕✕✕✕✕✕✕✕✕✕✕✕✕✕✕✕✕✕✕✕✕✕✕✕✕✕✕✕
ΕΠΙΤΥΧΙΑ 17 ΕΤΩΝ
ΥΓΡΟΝ ΑΝΤΙΒΔΕΛΛΟΡΡΟΙΑΚΟΝ
ΕΣΤΕΜΜΕΝΟΝ ΥΠΟ 40 ΧΙΛΙΑΔΩΝ ΕΠΙΤΥΧΙΩΝ

Διὰ τοῦ θαυμασίου τούτου φαρμάκου ἰατρεύονται ὡς διὰ μαγείας συστατικὰ τῶν ἰατρικῶν ἐπιστημῶν καὶ μελέτην ἐν πάσῃ περιπτώσει ἀποτέλεσμα, βεβαιωμένον ἀπὸ ἀνωτέρων δραστηρίων καὶ ἀποτελεσματικότερον φάρμακον ἐμπιστοσύνης τῶν ἰατρῶν. Ἐξωτερικῶς ἀνύων, ἀξίαν καὶ ἡ χρησιμοποίησις βασανιστικὴν καὶ δολιχότητα καὶ λευκόρροιαν.

Ἑκάστη 100 ἐπὶ τοῖς 100
Ἀλλοδαπὸν προφυλακτικὸν κατὰ τῆς βλεννορροίας.
Πωλεῖται εἰς τὰ φαρμακεῖα. Ἐν Ἀθήναις καὶ ἐν Πειραιεῖ.
Ἡ φιάλη δρχ. 6.50, εἰς τὰς ἐπαρχίας ἀποστέλλεται ἀντὶ δρχ. 7 καὶ ἐν τῇ ἐξωτερικῶν ἀρ. δρ. 10.
ΜΕΓΑ ΒΑΣΙΛΙΚΟΝ ΦΑΡΜΑΚΕΙΟΝ
Ν. ΒΑΚΤΑΛΟΠΟΥΛΟΥ (Πρώην Γαλανοῦ)
ΓΩΝΙΑ ΣΟΛΩΝΟΣ-ΙΠΠΟΚΡΑΤΟΥΣ
Ἀποφεύγετε τὰς ἀπομιμήσεις
✕✕✕✕✕✕✕✕✕✕✕✕✕✕✕✕✕✕✕✕✕✕✕✕✕✕✕✕✕✕✕✕✕✕✕✕
ΚΑΤΑΣΚΕΥΗ
ΕΛΕΝΗΣ
ΚΑΚΑΒΟΥΛΗ
ΠΕΙΡΑΙΕΥΣ
ΑΤΜΟΚΙΝΗΤΟΝ ΕΡΓΟΣΤΑΣΙΟΝ
ΠΛΑΣΤΙΓΓΩΝ ΚΑΙ ΧΡΗΜΑΤΟΚΙΒΩΤΙΩΝ
ΕΛΕΝΗΣ ΚΑΚΑΒΟΥΛΗ
ΟΔΟΣ ΗΦΑΙΣΤΟΥ ΑΡ. 3
ΕΝ ΠΕΙΡΑΙΕΙ

1ον) Πλάστιγγες πάσης δυνάμεως καὶ παντὸς συστήματος.

2ον) Χρηματοκιβώτια ἀνυπέρβλητα ἀξίας καὶ στερεότητος.

3ον) Ζυγοὶ Ρωμαϊκοὶ (Μέτρων) ἠγγυημένοι κατὰ τοῦ πυρὸς καὶ κλοπῆς.

4ον) Ζυγαριαὶ νέου συστήματος ἀνεγνωρισμένης τεχνικότητος.

5ον) Πιεστήρια (Κιβώτια) ἁπλᾶ καὶ μετὰ διπλοῦ.

6ον) Δουργικαὶ καθ' ὅλον τὸ κράτος παρὰ τῶν ἀγοραστῶν.
